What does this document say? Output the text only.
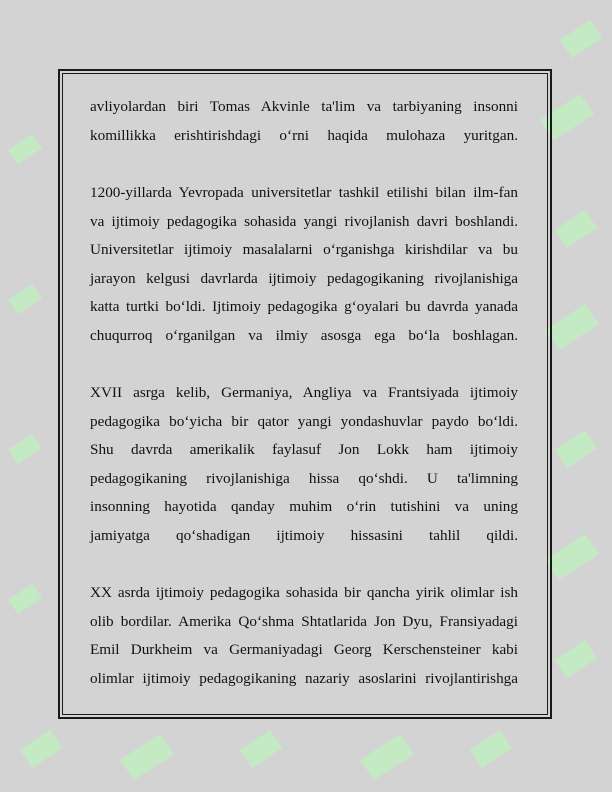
avliyolardan biri Tomas Akvinle ta'lim va tarbiyaning insonni
komillikka erishtirishdagi o‘rni haqida mulohaza yuritgan.
1200-yillarda Yevropada universitetlar tashkil etilishi bilan ilm-fan
va ijtimoiy pedagogika sohasida yangi rivojlanish davri boshlandi.
Universitetlar ijtimoiy masalalarni o‘rganishga kirishdilar va bu
jarayon kelgusi davrlarda ijtimoiy pedagogikaning rivojlanishiga
katta turtki bo‘ldi. Ijtimoiy pedagogika g‘oyalari bu davrda yanada
chuqurroq o‘rganilgan va ilmiy asosga ega bo‘la boshlagan.
XVII asrga kelib, Germaniya, Angliya va Frantsiyada ijtimoiy
pedagogika bo‘yicha bir qator yangi yondashuvlar paydo bo‘ldi.
Shu davrda amerikalik faylasuf Jon Lokk ham ijtimoiy
pedagogikaning rivojlanishiga hissa qo‘shdi. U ta'limning
insonning hayotida qanday muhim o‘rin tutishini va uning
jamiyatga qo‘shadigan ijtimoiy hissasini tahlil qildi.
XX asrda ijtimoiy pedagogika sohasida bir qancha yirik olimlar ish
olib bordilar. Amerika Qo‘shma Shtatlarida Jon Dyu, Fransiyadagi
Emil Durkheim va Germaniyadagi Georg Kerschensteiner kabi
olimlar ijtimoiy pedagogikaning nazariy asoslarini rivojlantirishga
